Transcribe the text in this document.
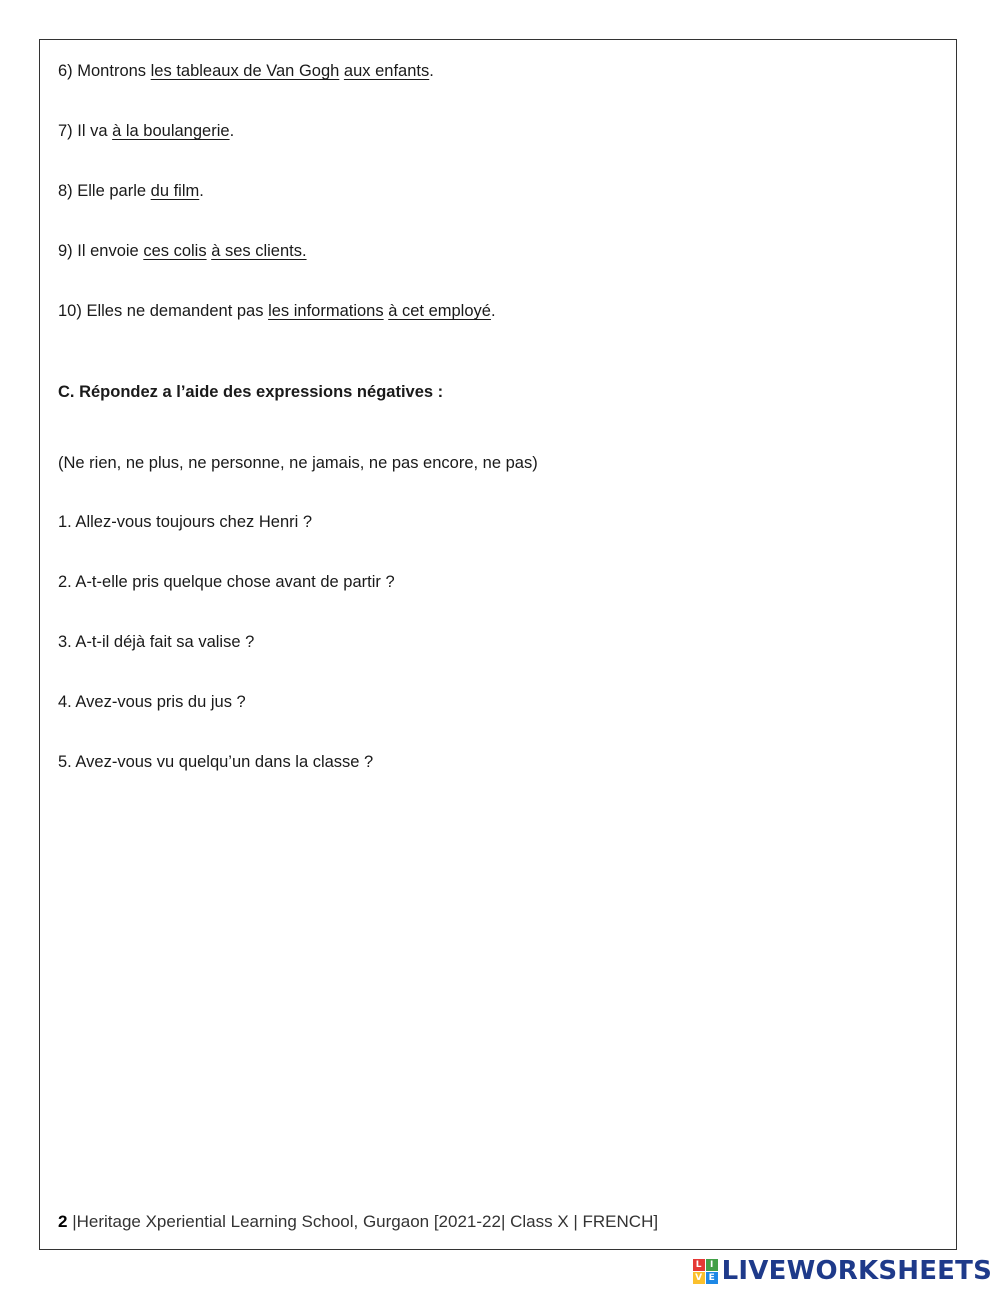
6) Montrons les tableaux de Van Gogh aux enfants.
7) Il va à la boulangerie.
8) Elle parle du film.
9) Il envoie ces colis à ses clients.
10) Elles ne demandent pas les informations à cet employé.
C. Répondez a l’aide des expressions négatives :
(Ne rien, ne plus, ne personne, ne jamais, ne pas encore, ne pas)
1. Allez-vous toujours chez Henri ?
2. A-t-elle pris quelque chose avant de partir ?
3. A-t-il déjà fait sa valise ?
4. Avez-vous pris du jus ?
5. Avez-vous vu quelqu’un dans la classe ?
2 |Heritage Xperiential Learning School, Gurgaon [2021-22| Class X | FRENCH]
L I
V E LIVEWORKSHEETS
